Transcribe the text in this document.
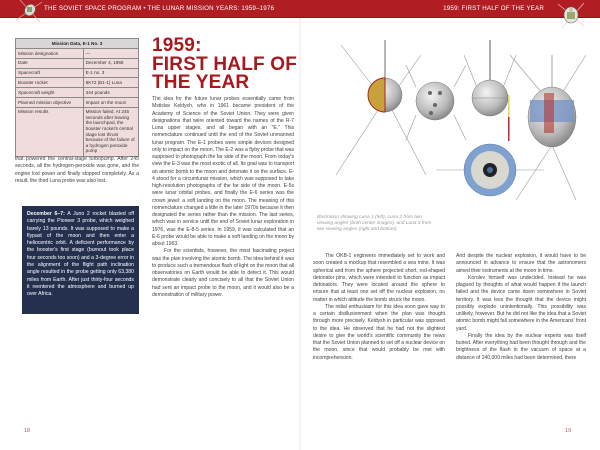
THE SOVIET SPACE PROGRAM • THE LUNAR MISSION YEARS: 1959–1976	1959: FIRST HALF OF THE YEAR
Mission Data, E-1 No. 3	
Mission designation	—
Date	December 4, 1958
Spacecraft	E-1 no. 3
Booster rocket	8K72 (B1-1) Luna
Spacecraft weight	344 pounds
Planned mission objective	Impact on the moon
Mission results	Mission failed. At 245 seconds after leaving the launchpad, the booster rocket's central stage lost thrust because of the failure of a hydrogen peroxide pump
that powered the central-stage turbopump. After 245 seconds, all the hydrogen-peroxide was gone, and the engine lost power and finally stopped completely. As a result, the third Luna probe was also lost.
December 6–7: A Juno 2 rocket blasted off carrying the Pioneer 3 probe, which weighed barely 13 pounds. It was supposed to make a flypast of the moon and then enter a heliocentric orbit. A deficient performance by the booster's first stage (burnout took place four seconds too soon) and a 3-degree error in the alignment of the flight path inclination angle resulted in the probe getting only 63,380 miles from Earth. After just thirty-four seconds it reentered the atmosphere and burned up over Africa.
1959:
FIRST HALF OF
THE YEAR

The idea for the future lunar probes essentially came from Mstislav Keldysh, who in 1961 became president of the Academy of Science of the Soviet Union. They were given designations that were oriented toward the names of the R-7 Luna upper stages, and all began with an "E." This nomenclature continued until the end of the Soviet unmanned lunar program. The E-1 probes were simple devices designed only to impact on the moon. The E-2 was a flyby probe that was supposed to photograph the far side of the moon. From today's view the E-3 was the most exotic of all. Its goal was to transport an atomic bomb to the moon and detonate it on the surface. E-4 stood for a circumlunar mission, which was supposed to take high-resolution photographs of the far side of the moon. E-5s were lunar orbital probes, and finally the E-6 series was the crown jewel: a soft landing on the moon. The meaning of this nomenclature changed a little in the later 1970s because it then designated the series rather than the mission. The last series, which was in service until the end of Soviet lunar exploration in 1976, was the E-8-5 series. In 1959, it was calculated that an E-6 probe would be able to make a soft landing on the moon by about 1963.

For the scientists, however, the most fascinating project was the plan involving the atomic bomb. The idea behind it was to produce such a tremendous flash of light on the moon that all observatories on Earth would be able to detect it. This would demonstrate clearly and concisely to all that the Soviet Union had sent an impact probe to the moon, and it would also be a demonstration of military power.

Illustration showing Luna 1 (left), Luna 2 from two viewing angles (both center images), and Luna 3 from two viewing angles (right and bottom).

The OKB-1 engineers immediately set to work and soon created a mockup that resembled a sea mine. It was spherical and from the sphere projected short, rod-shaped detonator pins, which were intended to function as impact detonators. They were located around the sphere to ensure that at least one set off the nuclear explosion, no matter in which attitude the bomb struck the moon.

The initial enthusiasm for this idea soon gave way to a certain disillusionment when the plan was thought through more precisely. Keldysh in particular was opposed to the idea. He observed that he had not the slightest desire to give the world's scientific community the news that the Soviet Union planned to set off a nuclear device on the moon, since that would probably be met with incomprehension.

And despite the nuclear explosion, it would have to be announced in advance to ensure that the astronomers aimed their instruments at the moon in time.

Korolev himself was undecided. Instead he was plagued by thoughts of what would happen if the launch failed and the device came down somewhere in Soviet territory. It was less the thought that the device might possibly explode unintentionally. This possibility was unlikely, however. But he did not like the idea that a Soviet atomic bomb might fall somewhere in the Americans' front yard.

Finally the idea by the nuclear experts was itself buried. After everything had been thought through and the brightness of the flash in the vacuum of space at a distance of 240,000 miles had been determined, there

18	19
